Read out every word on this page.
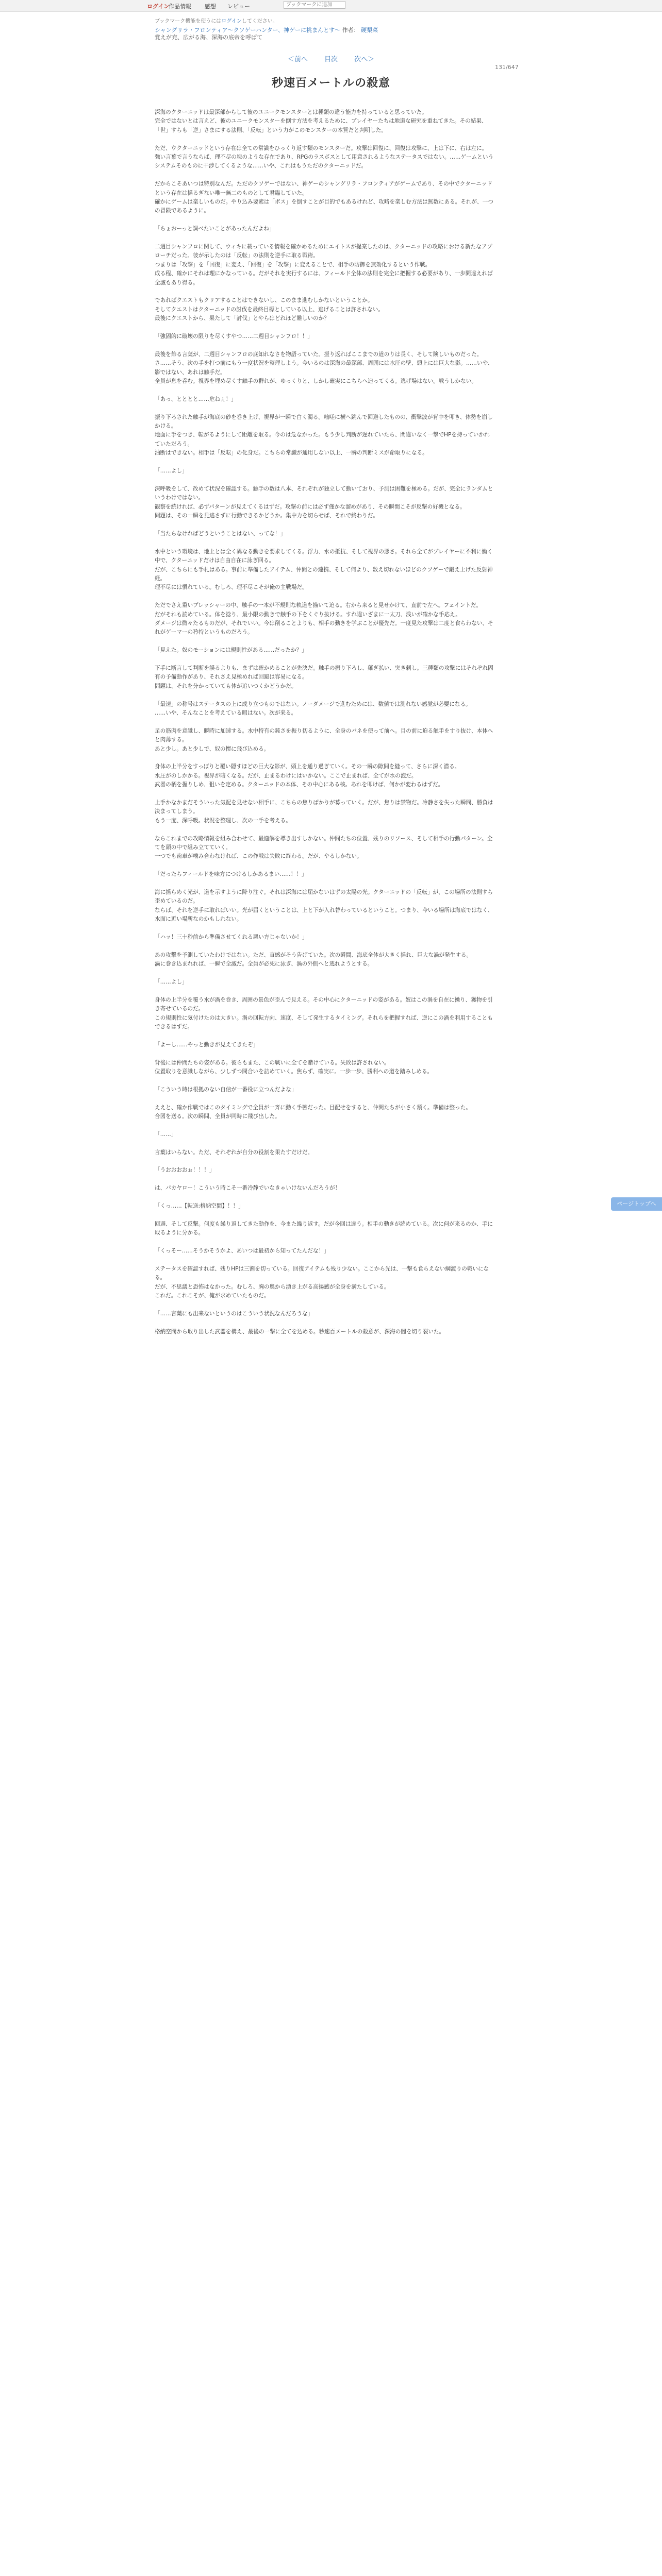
ログイン
作品情報 感想 レビュー
ブックマークに追加
ブックマーク機能を使うにはログインしてください。
シャングリラ・フロンティア〜クソゲーハンター、神ゲーに挑まんとす〜 作者： 硬梨菜
覚えが充、広がる海、深海の底帝を呼ばて
＜前へ 目次 次へ＞
131/647
秒速百メートルの殺意

深海のクターニッドは最深部からして彼のユニークモンスターとは種類の違う能力を持っていると思っていた。

完全ではないとは言えど、彼のユニークモンスターを倒す方法を考えるために、プレイヤーたちは地道な研究を重ねてきた。その結果、「世」すらも「逆」さまにする法則、「反転」という力がこのモンスターの本質だと判明した。

ただ、ウクターニッドという存在は全ての常識をひっくり返す類のモンスターだ。攻撃は回復に、回復は攻撃に、上は下に、右は左に。

強い言葉で言うならば、理不尽の塊のような存在であり、RPGのラスボスとして用意されるようなステータスではない。……ゲームというシステムそのものに干渉してくるような……いや、これはもうただのクターニッドだ。

だからこそあいつは特別なんだ。ただのクソゲーではない、神ゲーのシャングリラ・フロンティアがゲームであり、その中でクターニッドという存在は揺るぎない唯一無二のものとして君臨していた。

確かにゲームは楽しいものだ。やり込み要素は「ボス」を倒すことが目的でもあるけれど、攻略を楽しむ方法は無数にある。それが、一つの冒険であるように。

「ちょおーっと調べたいことがあったんだよね」

二週目シャンフロに関して、ウィキに載っている情報を確かめるためにエイトスが提案したのは、クターニッドの攻略における新たなアプローチだった。彼が示したのは「反転」の法則を逆手に取る戦術。

つまりは「攻撃」を「回復」に変え、「回復」を「攻撃」に変えることで、相手の防御を無効化するという作戦。

成る程、確かにそれは理にかなっている。だがそれを実行するには、フィールド全体の法則を完全に把握する必要があり、一歩間違えれば全滅もあり得る。

であればクエストもクリアすることはできないし、このまま進むしかないということか。

そしてクエストはクターニッドの討伐を最終目標としている以上、逃げることは許されない。

最後にクエストから、果たして「討伐」とやらはどれほど難しいのか？

「強固的に破壊の限りを尽くすやつ……二週目シャンフロ！！」

最後を飾る言葉が、二週目シャンフロの底知れなさを物語っていた。振り返ればここまでの道のりは長く、そして険しいものだった。

さ……そう、次の手を打つ前にもう一度状況を整理しよう。今いるのは深海の最深部、周囲には水圧の壁、頭上には巨大な影。……いや、影ではない、あれは触手だ。

全員が息を呑む。視界を埋め尽くす触手の群れが、ゆっくりと、しかし確実にこちらへ迫ってくる。逃げ場はない。戦うしかない。

「あっ、とととと……危ねぇ！」

振り下ろされた触手が海底の砂を巻き上げ、視界が一瞬で白く濁る。咄嗟に横へ跳んで回避したものの、衝撃波が背中を叩き、体勢を崩しかける。

地面に手をつき、転がるようにして距離を取る。今のは危なかった。もう少し判断が遅れていたら、間違いなく一撃でHPを持っていかれていただろう。

油断はできない。相手は「反転」の化身だ。こちらの常識が通用しない以上、一瞬の判断ミスが命取りになる。

「……よし」

深呼吸をして、改めて状況を確認する。触手の数は八本、それぞれが独立して動いており、予測は困難を極める。だが、完全にランダムというわけではない。

観察を続ければ、必ずパターンが見えてくるはずだ。攻撃の前には必ず僅かな溜めがあり、その瞬間こそが反撃の好機となる。

問題は、その一瞬を見逃さずに行動できるかどうか。集中力を切らせば、それで終わりだ。

「当たらなければどうということはない、ってな！」

水中という環境は、地上とは全く異なる動きを要求してくる。浮力、水の抵抗、そして視界の悪さ。それら全てがプレイヤーに不利に働く中で、クターニッドだけは自由自在に泳ぎ回る。

だが、こちらにも手札はある。事前に準備したアイテム、仲間との連携、そして何より、数え切れないほどのクソゲーで鍛え上げた反射神経。

理不尽には慣れている。むしろ、理不尽こそが俺の主戦場だ。

ただでさえ重いプレッシャーの中、触手の一本が不規則な軌道を描いて迫る。右から来ると見せかけて、直前で左へ。フェイントだ。

だがそれも読めている。体を捻り、最小限の動きで触手の下をくぐり抜ける。すれ違いざまに一太刀、浅いが確かな手応え。

ダメージは微々たるものだが、それでいい。今は削ることよりも、相手の動きを学ぶことが優先だ。一度見た攻撃は二度と食らわない、それがゲーマーの矜持というものだろう。

「見えた。奴のモーションには規則性がある……だったか？」

下手に断言して判断を誤るよりも、まずは確かめることが先決だ。触手の振り下ろし、薙ぎ払い、突き刺し。三種類の攻撃にはそれぞれ固有の予備動作があり、それさえ見極めれば回避は容易になる。

問題は、それを分かっていても体が追いつくかどうかだ。

「最速」の称号はステータスの上に成り立つものではない。ノーダメージで進むためには、数値では測れない感覚が必要になる。

……いや、そんなことを考えている暇はない。次が来る。

足の筋肉を意識し、瞬時に加速する。水中特有の鈍さを振り切るように、全身のバネを使って前へ。目の前に迫る触手をすり抜け、本体へと肉薄する。

あと少し。あと少しで、奴の懐に飛び込める。

身体の上半分をすっぽりと覆い隠すほどの巨大な影が、頭上を通り過ぎていく。その一瞬の隙間を縫って、さらに深く潜る。

水圧がのしかかる。視界が暗くなる。だが、止まるわけにはいかない。ここで止まれば、全てが水の泡だ。

武器の柄を握りしめ、狙いを定める。クターニッドの本体、その中心にある核。あれを叩けば、何かが変わるはずだ。

上手かなかまだそういった気配を見せない相手に、こちらの焦りばかりが募っていく。だが、焦りは禁物だ。冷静さを失った瞬間、勝負は決まってしまう。

もう一度、深呼吸。状況を整理し、次の一手を考える。

ならこれまでの攻略情報を組み合わせて、最適解を導き出すしかない。仲間たちの位置、残りのリソース、そして相手の行動パターン。全てを頭の中で組み立てていく。

一つでも歯車が噛み合わなければ、この作戦は失敗に終わる。だが、やるしかない。

「だったらフィールドを味方につけるしかあるまい……！！」

海に揺らめく光が、道を示すように降り注ぐ。それは深海には届かないはずの太陽の光。クターニッドの「反転」が、この場所の法則すら歪めているのだ。

ならば、それを逆手に取ればいい。光が届くということは、上と下が入れ替わっているということ。つまり、今いる場所は海底ではなく、水面に近い場所なのかもしれない。

「ハッ！三十秒前から準備させてくれる悪い方じゃないか！」

あの攻撃を予測していたわけではない。ただ、直感がそう告げていた。次の瞬間、海底全体が大きく揺れ、巨大な渦が発生する。

渦に巻き込まれれば、一瞬で全滅だ。全員が必死に泳ぎ、渦の外側へと逃れようとする。

「……よし」

身体の上半分を覆う水が渦を巻き、周囲の景色が歪んで見える。その中心にクターニッドの姿がある。奴はこの渦を自在に操り、獲物を引き寄せているのだ。

この規則性に気付けたのは大きい。渦の回転方向、速度、そして発生するタイミング。それらを把握すれば、逆にこの渦を利用することもできるはずだ。

「よーし……やっと動きが見えてきたぞ」

背後には仲間たちの姿がある。彼らもまた、この戦いに全てを賭けている。失敗は許されない。

位置取りを意識しながら、少しずつ間合いを詰めていく。焦らず、確実に。一歩一歩、勝利への道を踏みしめる。

「こういう時は根拠のない自信が一番役に立つんだよな」

ええと、確か作戦ではこのタイミングで全員が一斉に動く手筈だった。目配せをすると、仲間たちが小さく頷く。準備は整った。

合図を送る。次の瞬間、全員が同時に飛び出した。

「……」

言葉はいらない。ただ、それぞれが自分の役割を果たすだけだ。

「うおおおおぉ！！！」

は、パカヤロー！こういう時こそ一番冷静でいなきゃいけないんだろうが！

「くっ……【転送:格納空間】！！」

回避、そして反撃。何度も繰り返してきた動作を、今また繰り返す。だが今回は違う。相手の動きが読めている。次に何が来るのか、手に取るように分かる。

「くっそー……そうかそうかよ、あいつは最初から知ってたんだな！」

ステータスを確認すれば、残りHPは三割を切っている。回復アイテムも残り少ない。ここから先は、一撃も食らえない綱渡りの戦いになる。

だが、不思議と恐怖はなかった。むしろ、胸の奥から湧き上がる高揚感が全身を満たしている。

これだ。これこそが、俺が求めていたものだ。

「……言葉にも出来ないというのはこういう状況なんだろうな」

格納空間から取り出した武器を構え、最後の一撃に全てを込める。秒速百メートルの殺意が、深海の闇を切り裂いた。

ページトップへ
